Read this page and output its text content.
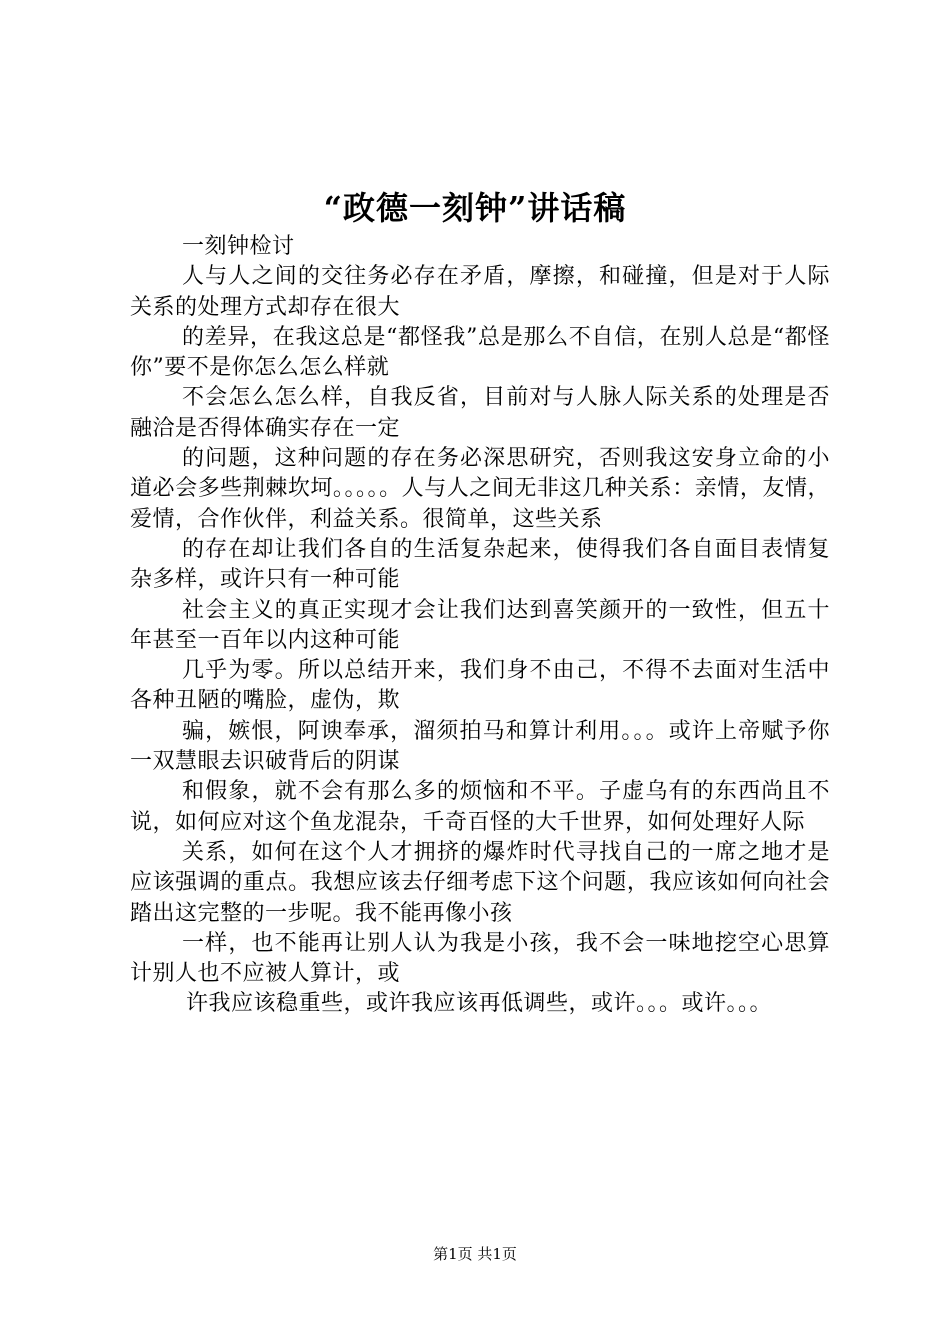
“政德一刻钟”讲话稿

一刻钟检讨

人与人之间的交往务必存在矛盾，摩擦，和碰撞，但是对于人际关系的处理方式却存在很大

的差异，在我这总是“都怪我”总是那么不自信，在别人总是“都怪你”要不是你怎么怎么样就

不会怎么怎么样，自我反省，目前对与人脉人际关系的处理是否融洽是否得体确实存在一定

的问题，这种问题的存在务必深思研究，否则我这安身立命的小道必会多些荆棘坎坷。。。。。人与人之间无非这几种关系：亲情，友情，爱情，合作伙伴，利益关系。很简单，这些关系

的存在却让我们各自的生活复杂起来，使得我们各自面目表情复杂多样，或许只有一种可能

社会主义的真正实现才会让我们达到喜笑颜开的一致性，但五十年甚至一百年以内这种可能

几乎为零。所以总结开来，我们身不由己，不得不去面对生活中各种丑陋的嘴脸，虚伪，欺

骗，嫉恨，阿谀奉承，溜须拍马和算计利用。。。或许上帝赋予你一双慧眼去识破背后的阴谋

和假象，就不会有那么多的烦恼和不平。子虚乌有的东西尚且不说，如何应对这个鱼龙混杂，千奇百怪的大千世界，如何处理好人际

关系，如何在这个人才拥挤的爆炸时代寻找自己的一席之地才是应该强调的重点。我想应该去仔细考虑下这个问题，我应该如何向社会踏出这完整的一步呢。我不能再像小孩

一样，也不能再让别人认为我是小孩，我不会一味地挖空心思算计别人也不应被人算计，或

许我应该稳重些，或许我应该再低调些，或许。。。或许。。。

第1页 共1页
